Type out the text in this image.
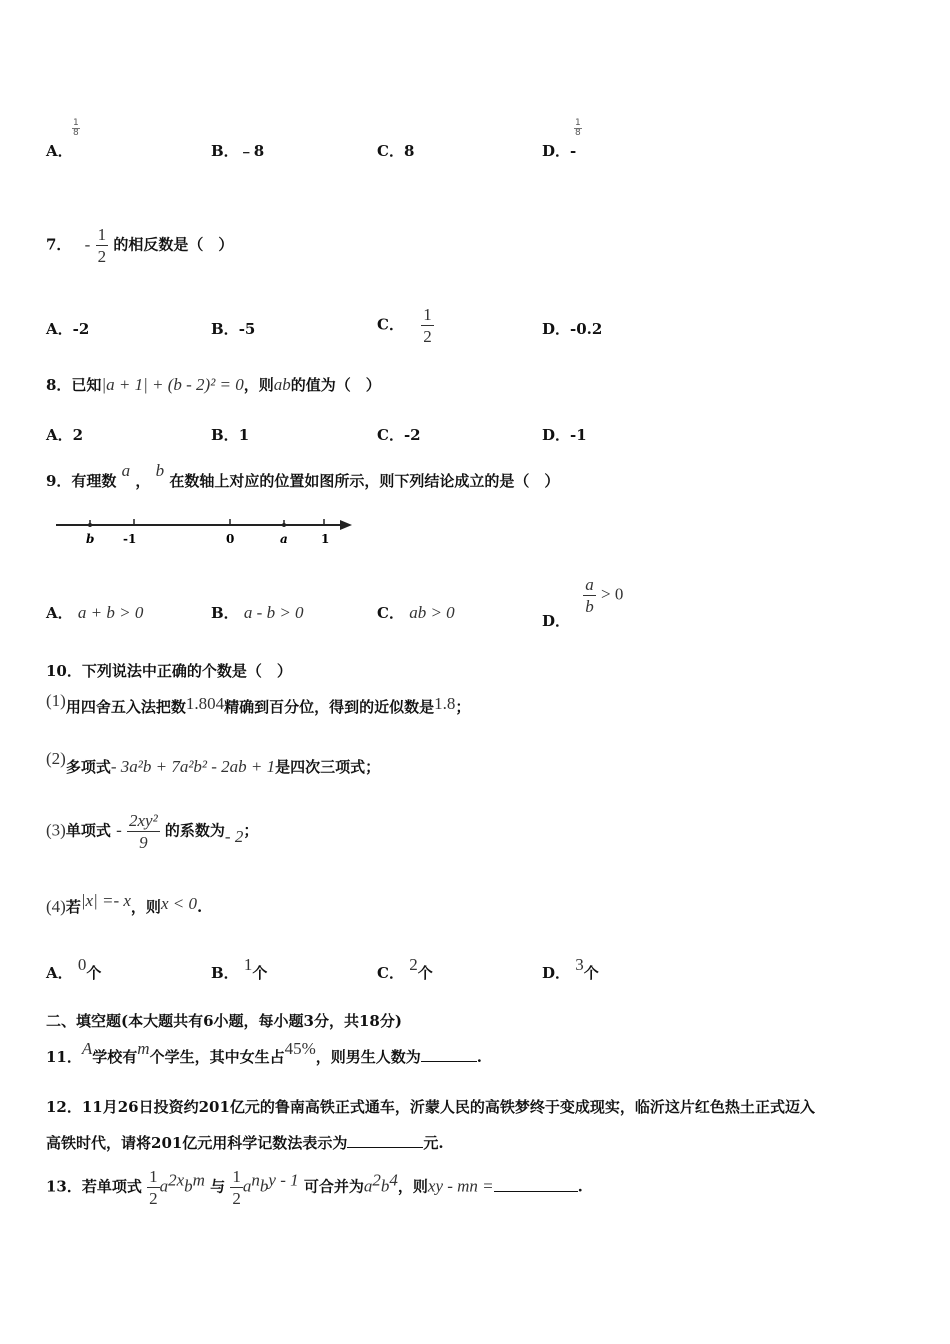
A．
$\frac{1}{8}$
B．﹣8	C．8	D．-
$\frac{1}{8}$
7． - $\frac{1}{2}$ 的相反数是（　）
A．-2	B．-5	C． $\frac{1}{2}$	D．-0.2
8．已知|a + 1| + (b - 2)² = 0，则ab的值为（　）
A．2	B．1	C．-2	D．-1
9．有理数 a ， b 在数轴上对应的位置如图所示，则下列结论成立的是（　）
b -1	0	a	1
A． a + b > 0	B． a - b > 0	C． ab > 0	D．
$\frac{a}{b} > 0$
10．下列说法中正确的个数是（　）
(1)用四舍五入法把数1.804精确到百分位，得到的近似数是1.8；
(2)多项式- 3a²b + 7a²b² - 2ab + 1是四次三项式；
(3)单项式 - $\frac{\text{2xy²}}{9}$ 的系数为- 2；
(4)若|x| =- x，则x < 0.
A． 0个	B． 1个	C． 2个	D． 3个
二、填空题(本大题共有6小题，每小题3分，共18分)
11．A学校有m个学生，其中女生占45%，则男生人数为	.
12．11月26日投资约201亿元的鲁南高铁正式通车，沂蒙人民的高铁梦终于变成现实，临沂这片红色热土正式迈入
高铁时代，请将201亿元用科学记数法表示为	元.
13．若单项式 $\frac{1}{2} a^{2x}b^m$ 与 $\frac{1}{2} a^nb^{y - 1}$ 可合并为$a^2b^4$，则xy - mn =	.
